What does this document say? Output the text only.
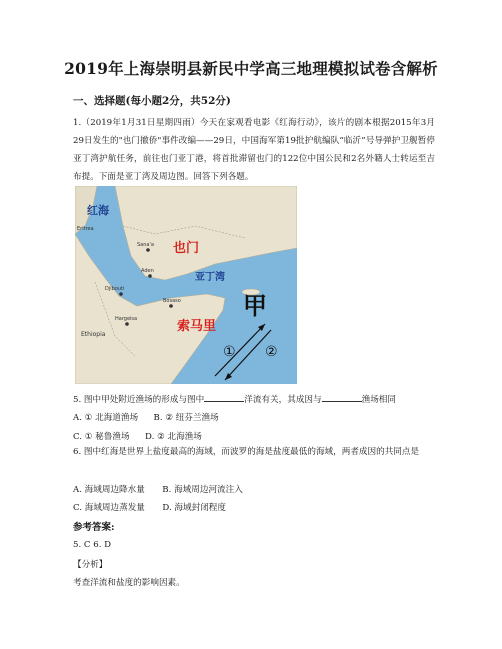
2019年上海崇明县新民中学高三地理模拟试卷含解析
一、选择题(每小题2分，共52分)
1.（2019年1月31日星期四雨）今天在家观看电影《红海行动》，该片的剧本根据2015年3月29日发生的"也门撤侨"事件改编——29日，中国海军第19批护航编队“临沂”号导弹护卫舰暂停亚丁湾护航任务，前往也门亚丁港，将首批滞留也门的122位中国公民和2名外籍人士转运至吉布提。下面是亚丁湾及周边图。回答下列各题。
红海
也门
亚丁湾
索马里
甲
Sana'a
Aden
Djibouti
Hargeisa
Bosaso
Ethiopia
Eritrea
① ②
5. 图中甲处附近渔场的形成与图中	洋流有关，其成因与	渔场相同
A. ① 北海道渔场 B. ② 纽芬兰渔场
C. ① 秘鲁渔场 D. ② 北海渔场
6. 图中红海是世界上盐度最高的海域，而波罗的海是盐度最低的海域，两者成因的共同点是
A. 海域周边降水量 B. 海域周边河流注入
C. 海域周边蒸发量 D. 海域封闭程度
参考答案:
5. C 6. D
【分析】
考查洋流和盐度的影响因素。
